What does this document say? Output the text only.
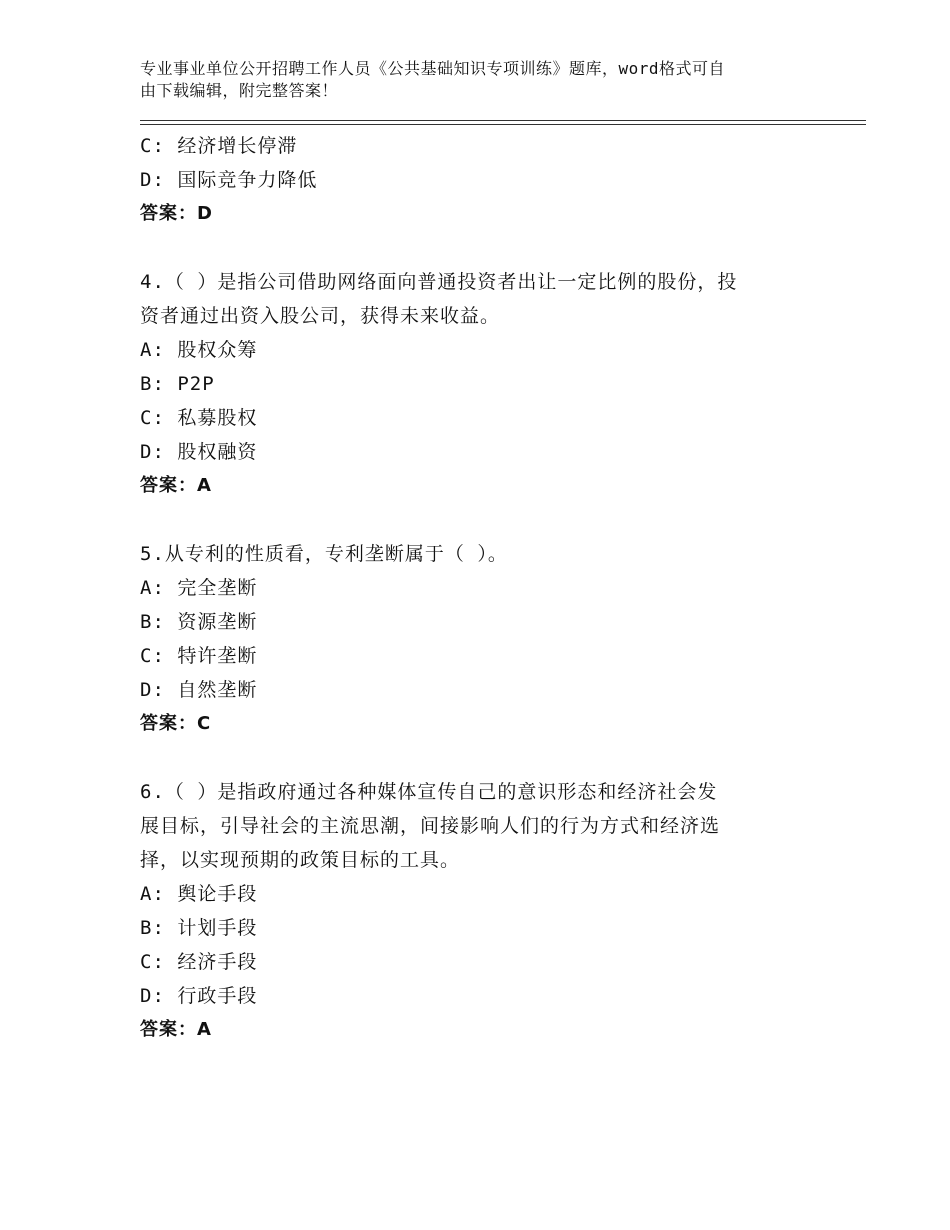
专业事业单位公开招聘工作人员《公共基础知识专项训练》题库，word格式可自
由下载编辑，附完整答案！
C: 经济增长停滞
D: 国际竞争力降低
答案：D
4.（ ）是指公司借助网络面向普通投资者出让一定比例的股份，投
资者通过出资入股公司，获得未来收益。
A: 股权众筹
B: P2P
C: 私募股权
D: 股权融资
答案：A
5.从专利的性质看，专利垄断属于（ ）。
A: 完全垄断
B: 资源垄断
C: 特许垄断
D: 自然垄断
答案：C
6.（ ）是指政府通过各种媒体宣传自己的意识形态和经济社会发
展目标，引导社会的主流思潮，间接影响人们的行为方式和经济选
择，以实现预期的政策目标的工具。
A: 舆论手段
B: 计划手段
C: 经济手段
D: 行政手段
答案：A
